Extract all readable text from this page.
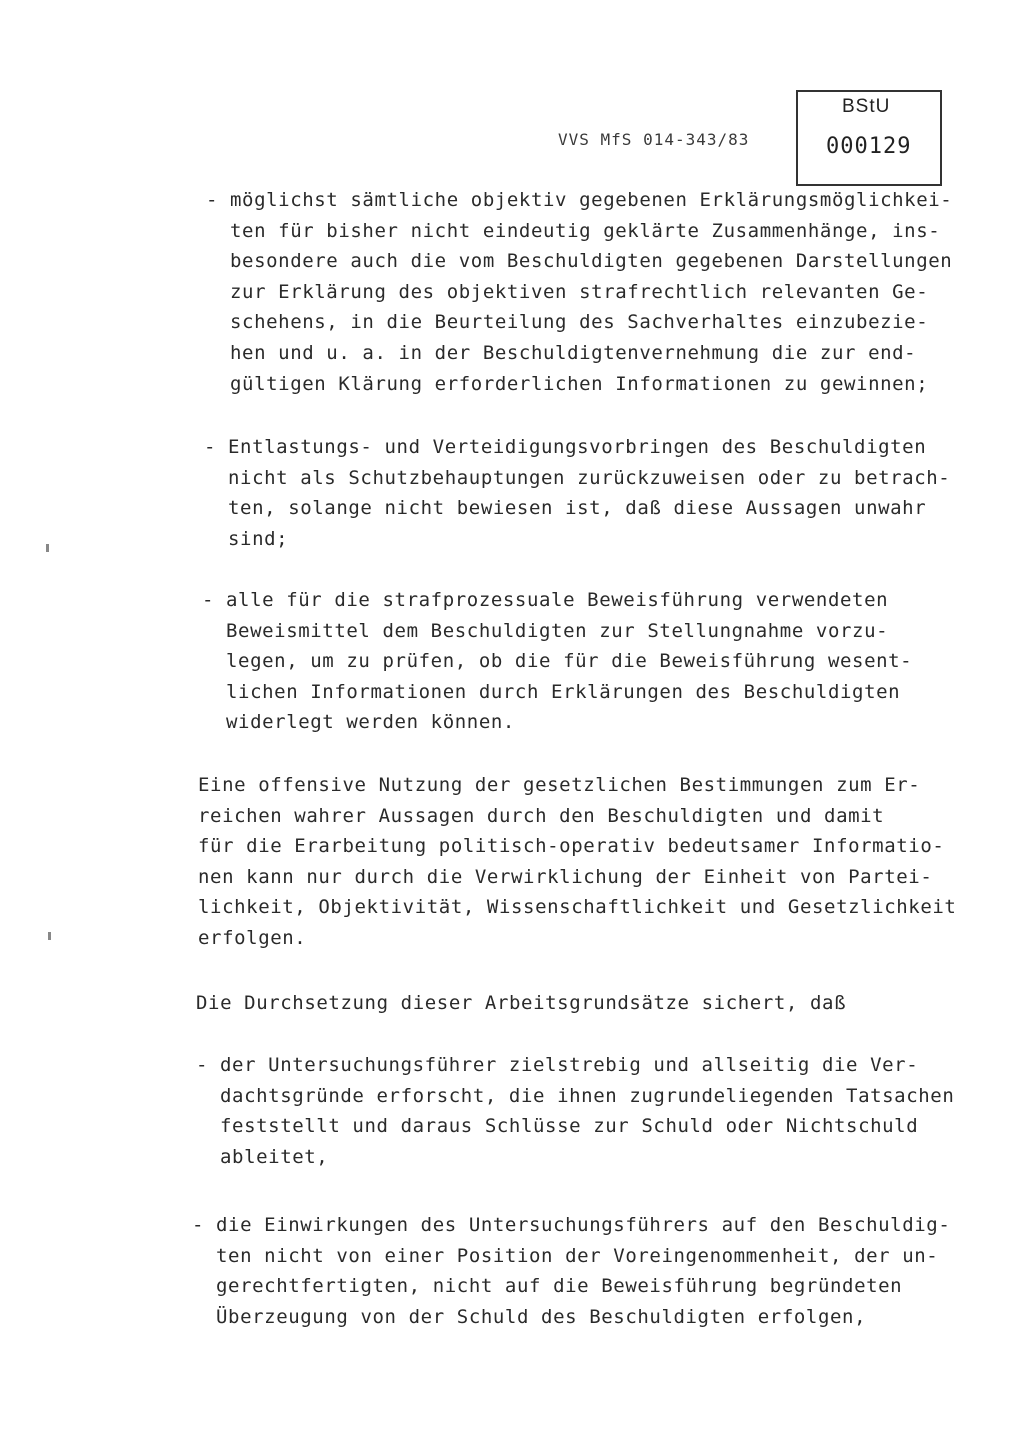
VVS MfS 014-343/83
BStU
000129
- möglichst sämtliche objektiv gegebenen Erklärungsmöglichkei-
ten für bisher nicht eindeutig geklärte Zusammenhänge, ins-
besondere auch die vom Beschuldigten gegebenen Darstellungen
zur Erklärung des objektiven strafrechtlich relevanten Ge-
schehens, in die Beurteilung des Sachverhaltes einzubezie-
hen und u. a. in der Beschuldigtenvernehmung die zur end-
gültigen Klärung erforderlichen Informationen zu gewinnen;
- Entlastungs- und Verteidigungsvorbringen des Beschuldigten
nicht als Schutzbehauptungen zurückzuweisen oder zu betrach-
ten, solange nicht bewiesen ist, daß diese Aussagen unwahr
sind;
- alle für die strafprozessuale Beweisführung verwendeten
Beweismittel dem Beschuldigten zur Stellungnahme vorzu-
legen, um zu prüfen, ob die für die Beweisführung wesent-
lichen Informationen durch Erklärungen des Beschuldigten
widerlegt werden können.
Eine offensive Nutzung der gesetzlichen Bestimmungen zum Er-
reichen wahrer Aussagen durch den Beschuldigten und damit
für die Erarbeitung politisch-operativ bedeutsamer Informatio-
nen kann nur durch die Verwirklichung der Einheit von Partei-
lichkeit, Objektivität, Wissenschaftlichkeit und Gesetzlichkeit
erfolgen.
Die Durchsetzung dieser Arbeitsgrundsätze sichert, daß
- der Untersuchungsführer zielstrebig und allseitig die Ver-
dachtsgründe erforscht, die ihnen zugrundeliegenden Tatsachen
feststellt und daraus Schlüsse zur Schuld oder Nichtschuld
ableitet,
- die Einwirkungen des Untersuchungsführers auf den Beschuldig-
ten nicht von einer Position der Voreingenommenheit, der un-
gerechtfertigten, nicht auf die Beweisführung begründeten
Überzeugung von der Schuld des Beschuldigten erfolgen,
